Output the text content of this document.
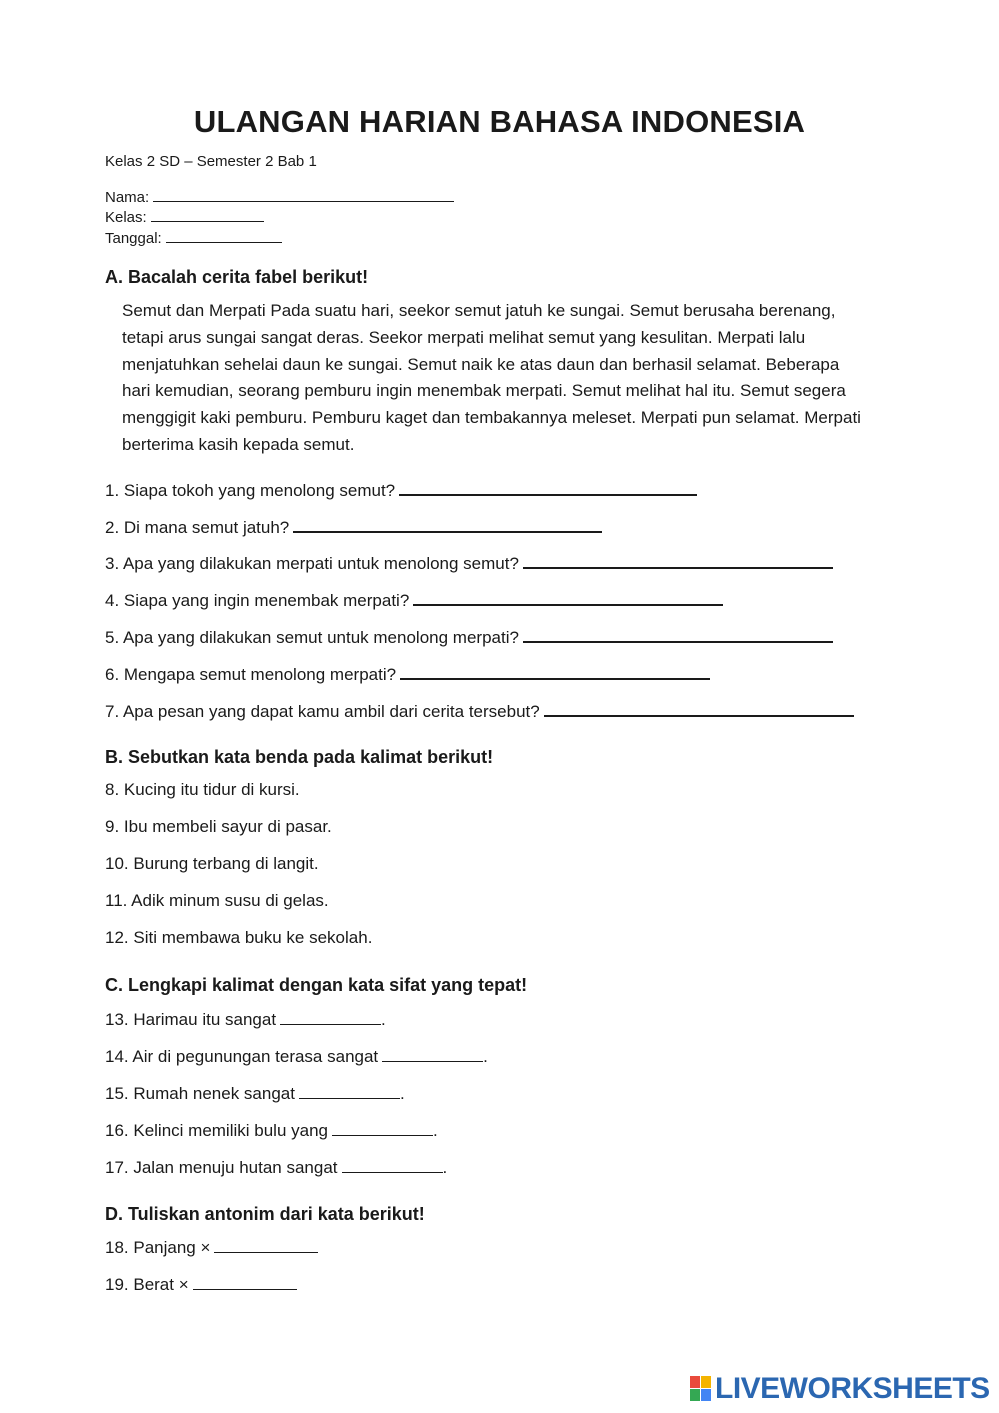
ULANGAN HARIAN BAHASA INDONESIA
Kelas 2 SD – Semester 2 Bab 1
Nama:
Kelas:
Tanggal:
A. Bacalah cerita fabel berikut!
Semut dan Merpati Pada suatu hari, seekor semut jatuh ke sungai. Semut berusaha berenang, tetapi arus sungai sangat deras. Seekor merpati melihat semut yang kesulitan. Merpati lalu menjatuhkan sehelai daun ke sungai. Semut naik ke atas daun dan berhasil selamat. Beberapa hari kemudian, seorang pemburu ingin menembak merpati. Semut melihat hal itu. Semut segera menggigit kaki pemburu. Pemburu kaget dan tembakannya meleset. Merpati pun selamat. Merpati berterima kasih kepada semut.
1. Siapa tokoh yang menolong semut?
2. Di mana semut jatuh?
3. Apa yang dilakukan merpati untuk menolong semut?
4. Siapa yang ingin menembak merpati?
5. Apa yang dilakukan semut untuk menolong merpati?
6. Mengapa semut menolong merpati?
7. Apa pesan yang dapat kamu ambil dari cerita tersebut?
B. Sebutkan kata benda pada kalimat berikut!
8. Kucing itu tidur di kursi.
9. Ibu membeli sayur di pasar.
10. Burung terbang di langit.
11. Adik minum susu di gelas.
12. Siti membawa buku ke sekolah.
C. Lengkapi kalimat dengan kata sifat yang tepat!
13. Harimau itu sangat	.
14. Air di pegunungan terasa sangat	.
15. Rumah nenek sangat	.
16. Kelinci memiliki bulu yang	.
17. Jalan menuju hutan sangat	.
D. Tuliskan antonim dari kata berikut!
18. Panjang ×
19. Berat ×
LIVEWORKSHEETS
